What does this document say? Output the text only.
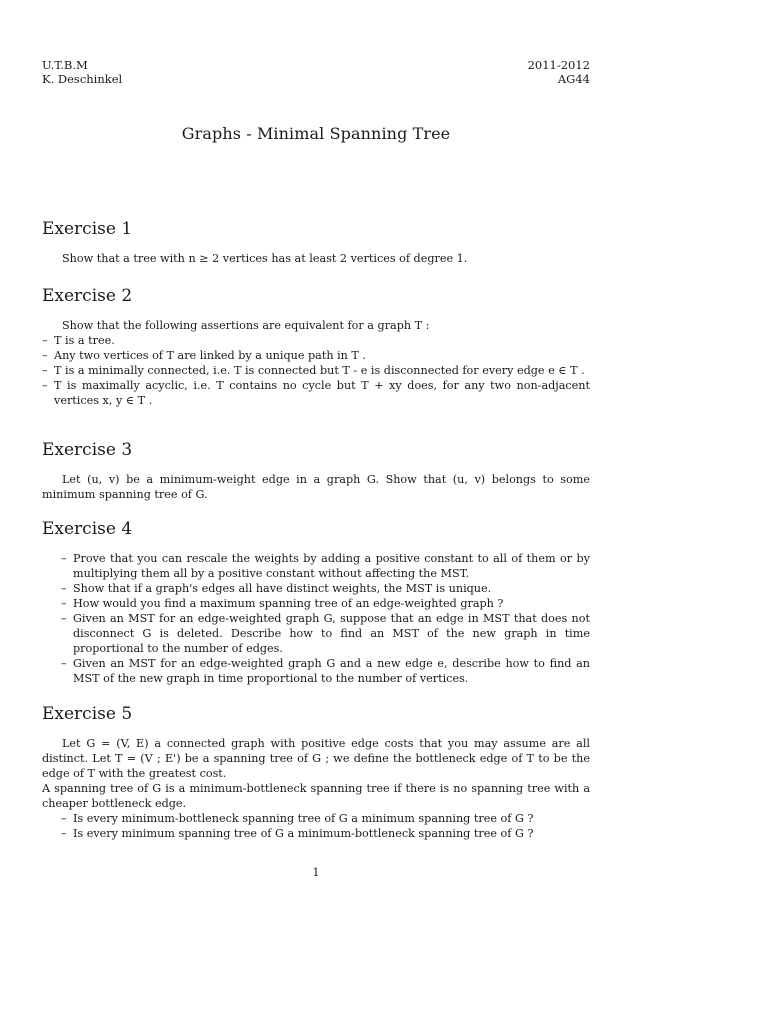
U.T.B.M
K. Deschinkel
2011-2012
AG44
Graphs - Minimal Spanning Tree
Exercise 1

Show that a tree with n ≥ 2 vertices has at least 2 vertices of degree 1.

Exercise 2

Show that the following assertions are equivalent for a graph T :

– T is a tree.
– Any two vertices of T are linked by a unique path in T .
– T is a minimally connected, i.e. T is connected but T - e is disconnected for every edge e ∈ T .
– T is maximally acyclic, i.e. T contains no cycle but T + xy does, for any two non-adjacent vertices x, y ∈ T .
Exercise 3

Let (u, v) be a minimum-weight edge in a graph G. Show that (u, v) belongs to some minimum spanning tree of G.

Exercise 4
– Prove that you can rescale the weights by adding a positive constant to all of them or by multiplying them all by a positive constant without affecting the MST.
– Show that if a graph's edges all have distinct weights, the MST is unique.
– How would you find a maximum spanning tree of an edge-weighted graph ?
– Given an MST for an edge-weighted graph G, suppose that an edge in MST that does not disconnect G is deleted. Describe how to find an MST of the new graph in time proportional to the number of edges.
– Given an MST for an edge-weighted graph G and a new edge e, describe how to find an MST of the new graph in time proportional to the number of vertices.
Exercise 5

Let G = (V, E) a connected graph with positive edge costs that you may assume are all distinct. Let T = (V ; E') be a spanning tree of G ; we define the bottleneck edge of T to be the edge of T with the greatest cost.

A spanning tree of G is a minimum-bottleneck spanning tree if there is no spanning tree with a cheaper bottleneck edge.

– Is every minimum-bottleneck spanning tree of G a minimum spanning tree of G ?
– Is every minimum spanning tree of G a minimum-bottleneck spanning tree of G ?
1
